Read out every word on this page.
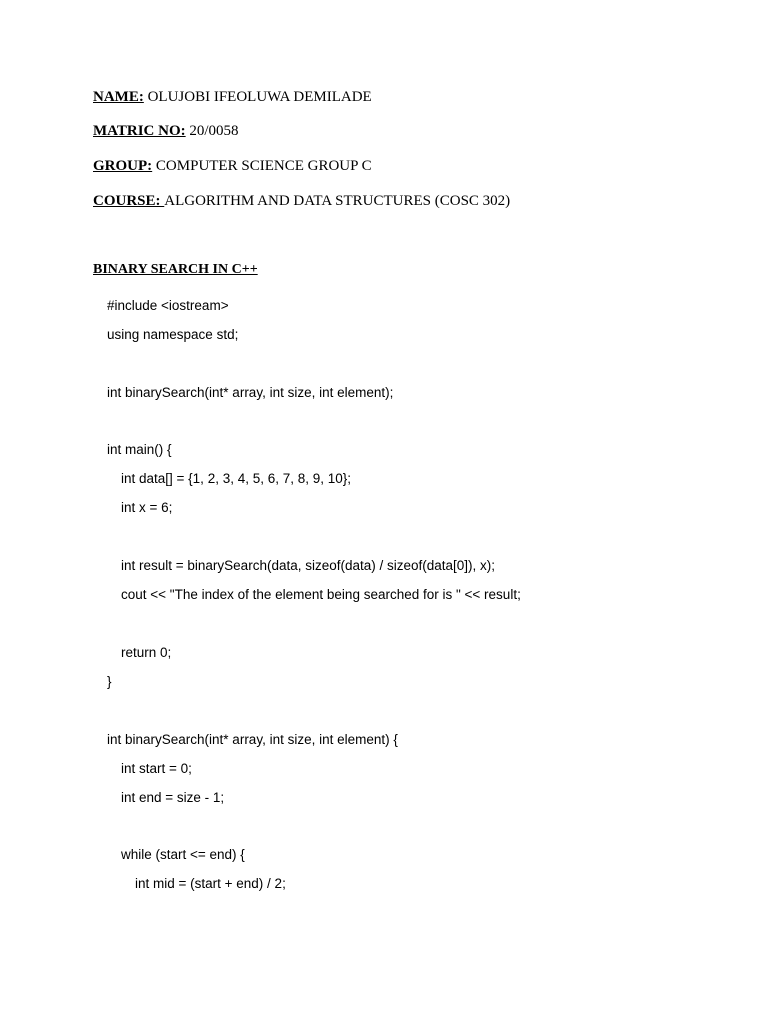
NAME: OLUJOBI IFEOLUWA DEMILADE
MATRIC NO: 20/0058
GROUP: COMPUTER SCIENCE GROUP C
COURSE: ALGORITHM AND DATA STRUCTURES (COSC 302)
BINARY SEARCH IN C++
#include <iostream>
using namespace std;
int binarySearch(int* array, int size, int element);
int main() {
int data[] = {1, 2, 3, 4, 5, 6, 7, 8, 9, 10};
int x = 6;
int result = binarySearch(data, sizeof(data) / sizeof(data[0]), x);
cout << "The index of the element being searched for is " << result;
return 0;
}
int binarySearch(int* array, int size, int element) {
int start = 0;
int end = size - 1;
while (start <= end) {
int mid = (start + end) / 2;
